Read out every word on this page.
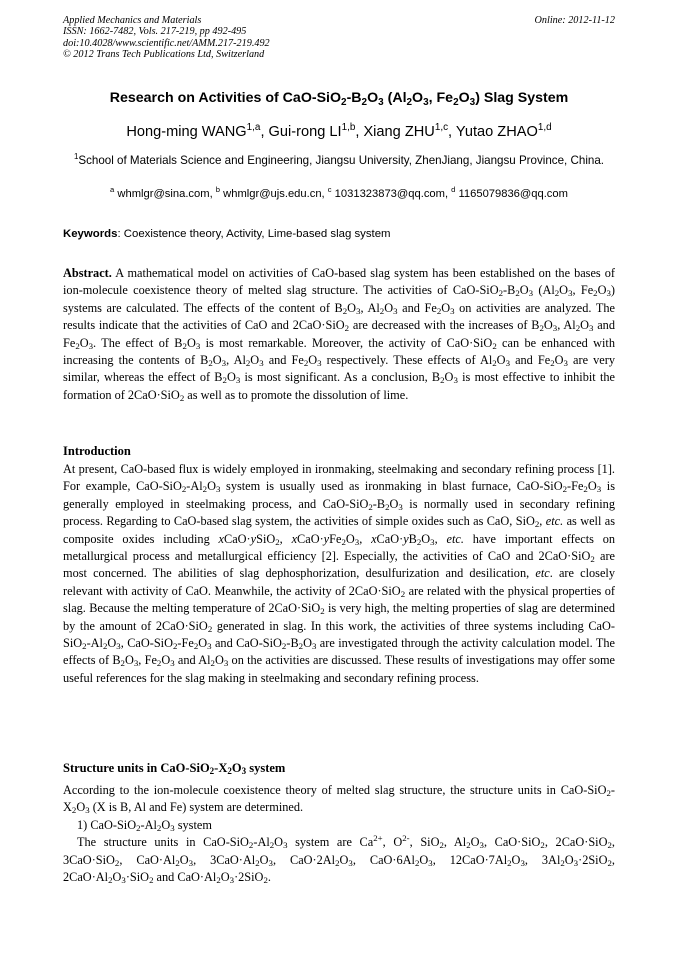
Applied Mechanics and Materials
ISSN: 1662-7482, Vols. 217-219, pp 492-495
doi:10.4028/www.scientific.net/AMM.217-219.492
© 2012 Trans Tech Publications Ltd, Switzerland
Online: 2012-11-12
Research on Activities of CaO-$SiO_2-B_2O_3$ ($Al_2O_3$, $Fe_2O_3$) Slag System
Hong-ming WANG$^{1,a}$, Gui-rong LI$^{1,b}$, Xiang ZHU$^{1,c}$, Yutao ZHAO$^{1,d}$
$^1$School of Materials Science and Engineering, Jiangsu University, ZhenJiang, Jiangsu Province, China.
$^a$ whmlgr@sina.com, $^b$ whmlgr@ujs.edu.cn, $^c$ 1031323873@qq.com, $^d$ 1165079836@qq.com
Keywords: Coexistence theory, Activity, Lime-based slag system

Abstract. A mathematical model on activities of CaO-based slag system has been established on the bases of ion-molecule coexistence theory of melted slag structure. The activities of CaO-$SiO_2-B_2O_3$ ($Al_2O_3$, $Fe_2O_3$) systems are calculated. The effects of the content of $B_2O_3$, $Al_2O_3$ and $Fe_2O_3$ on activities are analyzed. The results indicate that the activities of CaO and 2CaO·SiO$_2$ are decreased with the increases of $B_2O_3$, $Al_2O_3$ and $Fe_2O_3$. The effect of $B_2O_3$ is most remarkable. Moreover, the activity of CaO·SiO$_2$ can be enhanced with increasing the contents of $B_2O_3$, $Al_2O_3$ and $Fe_2O_3$ respectively. These effects of $Al_2O_3$ and $Fe_2O_3$ are very similar, whereas the effect of $B_2O_3$ is most significant. As a conclusion, $B_2O_3$ is most effective to inhibit the formation of 2CaO·SiO$_2$ as well as to promote the dissolution of lime.

Introduction

At present, CaO-based flux is widely employed in ironmaking, steelmaking and secondary refining process [1]. For example, CaO-$SiO_2-Al_2O_3$ system is usually used as ironmaking in blast furnace, CaO-$SiO_2-Fe_2O_3$ is generally employed in steelmaking process, and CaO-$SiO_2-B_2O_3$ is normally used in secondary refining process. Regarding to CaO-based slag system, the activities of simple oxides such as CaO, SiO$_2$, etc. as well as composite oxides including xCaO·ySiO$_2$, $xCaO\cdot yFe_2O_3$, $xCaO\cdot yB_2O_3$, etc. have important effects on metallurgical process and metallurgical efficiency [2]. Especially, the activities of CaO and 2CaO·SiO$_2$ are most concerned. The abilities of slag dephosphorization, desulfurization and desilication, etc. are closely relevant with activity of CaO. Meanwhile, the activity of 2CaO·SiO$_2$ are related with the physical properties of slag. Because the melting temperature of 2CaO·SiO$_2$ is very high, the melting properties of slag are determined by the amount of 2CaO·SiO$_2$ generated in slag. In this work, the activities of three systems including CaO-$SiO_2-Al_2O_3$, CaO-$SiO_2-Fe_2O_3$ and CaO-$SiO_2-B_2O_3$ are investigated through the activity calculation model. The effects of $B_2O_3$, $Fe_2O_3$ and $Al_2O_3$ on the activities are discussed. These results of investigations may offer some useful references for the slag making in steelmaking and secondary refining process.

Structure units in CaO-$SiO_2-X_2O_3$ system

According to the ion-molecule coexistence theory of melted slag structure, the structure units in CaO-$SiO_2-X_2O_3$ (X is B, Al and Fe) system are determined.

1) CaO-$SiO_2-Al_2O_3$ system

The structure units in CaO-$SiO_2-Al_2O_3$ system are $Ca^{2+}$, $O^{2-}$, SiO$_2$, $Al_2O_3$, CaO·SiO$_2$, 2CaO·SiO$_2$, 3CaO·SiO$_2$, $CaO\cdot Al_2O_3$, $3CaO\cdot Al_2O_3$, $CaO\cdot 2Al_2O_3$, $CaO\cdot 6Al_2O_3$, $12CaO\cdot 7Al_2O_3$, $3Al_2O_3\cdot 2SiO_2$, $2CaO\cdot Al_2O_3\cdot SiO_2$ and $CaO\cdot Al_2O_3\cdot 2SiO_2$.
